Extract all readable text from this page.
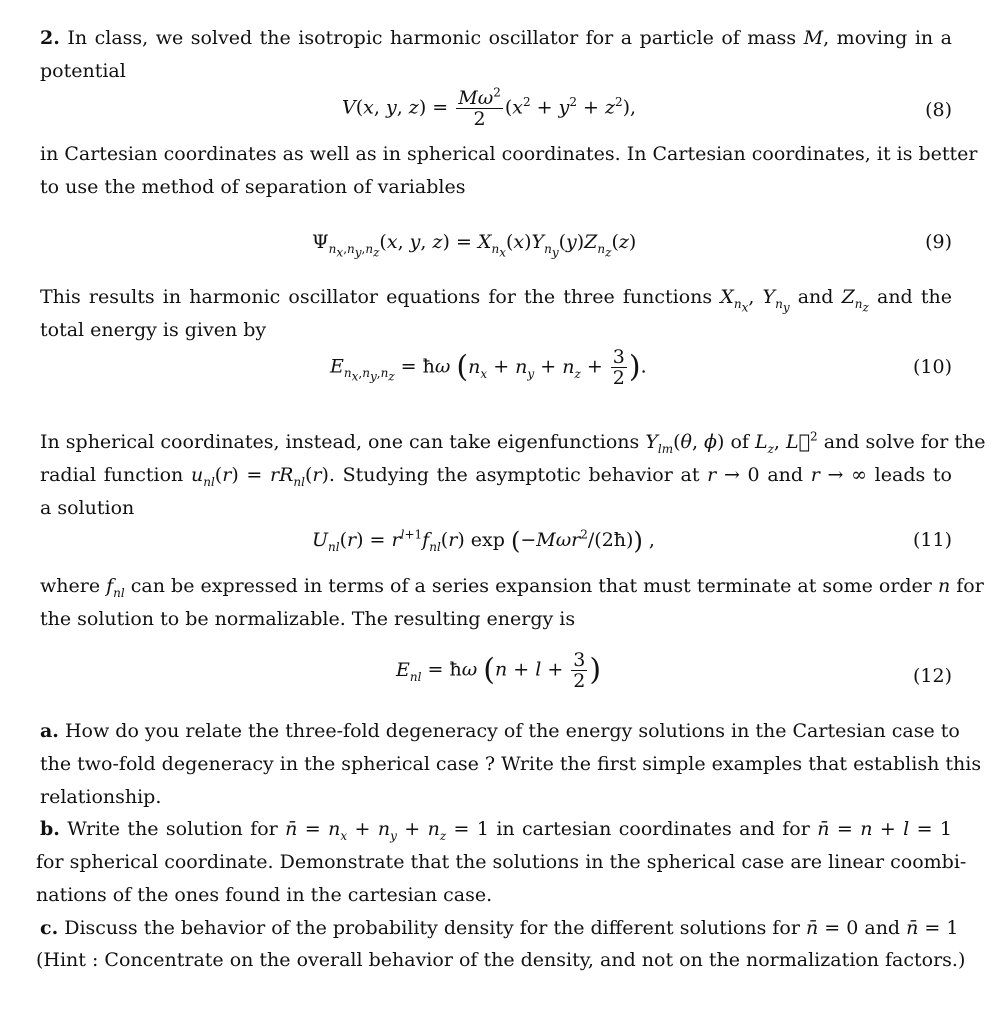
2. In class, we solved the isotropic harmonic oscillator for a particle of mass M, moving in a
potential
V(x, y, $z) = \frac{M\omega^2}{2} (x^2 + y^2 + z^2)$,	(8)
in Cartesian coordinates as well as in spherical coordinates. In Cartesian coordinates, it is better
to use the method of separation of variables
$\Psi_{n_x,n_y,n_z}(x$, y, $z) = X_{n_x}(x)Y_{n_y}(y)Z_{n_z}(z)$	(9)
This results in harmonic oscillator equations for the three functions $X_{n_x}$, $Y_{n_y}$ and $Z_{n_z}$ and the
total energy is given by
$E_{n_x,n_y,n_z}$ = ħω ($n_x + n_y + n_z + \frac{3}{2}$ ).	(10)
In spherical coordinates, instead, one can take eigenfunctions $Y_{lm}(\theta$, ϕ) of $L_z$, L⃗$^2$ and solve for the
radial function $u_{nl}(r) = rR_{nl}(r)$. Studying the asymptotic behavior at r → 0 and r → ∞ leads to
a solution
$U_{nl}(r) = r^{l+1}f_{nl}(r)$ exp (−Mωr$^2$/(2ħ)) ,	(11)
where $f_{nl}$ can be expressed in terms of a series expansion that must terminate at some order n for
the solution to be normalizable. The resulting energy is
$E_{nl}$ = ħω ($n + l + \frac{3}{2}$ )	(12)
a. How do you relate the three-fold degeneracy of the energy solutions in the Cartesian case to
the two-fold degeneracy in the spherical case ? Write the first simple examples that establish this
relationship.
b. Write the solution for n̄ = $n_x + n_y + n_z = 1$ in cartesian coordinates and for n̄ = n + l = 1
for spherical coordinate. Demonstrate that the solutions in the spherical case are linear coombi-
nations of the ones found in the cartesian case.
c. Discuss the behavior of the probability density for the different solutions for n̄ = 0 and n̄ = 1
(Hint : Concentrate on the overall behavior of the density, and not on the normalization factors.)
